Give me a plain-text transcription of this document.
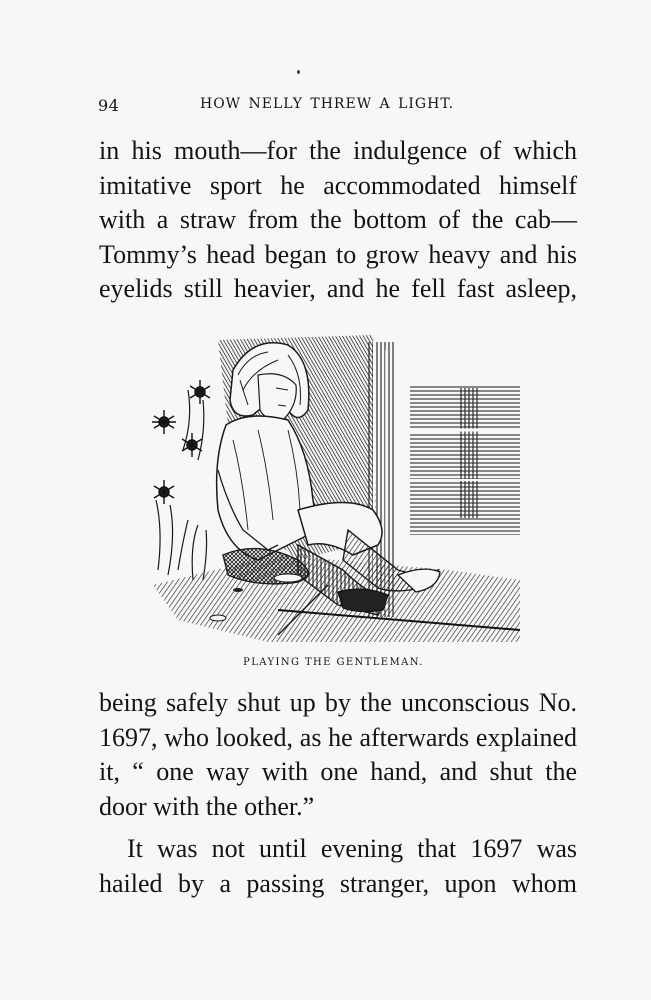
94	HOW NELLY THREW A LIGHT.
in his mouth—for the indulgence of which
imitative sport he accommodated himself
with a straw from the bottom of the cab—
Tommy’s head began to grow heavy and his
eyelids still heavier, and he fell fast asleep,
PLAYING THE GENTLEMAN.
being safely shut up by the unconscious No.
1697, who looked, as he afterwards explained
it, “ one way with one hand, and shut the
door with the other.”
It was not until evening that 1697 was
hailed by a passing stranger, upon whom
